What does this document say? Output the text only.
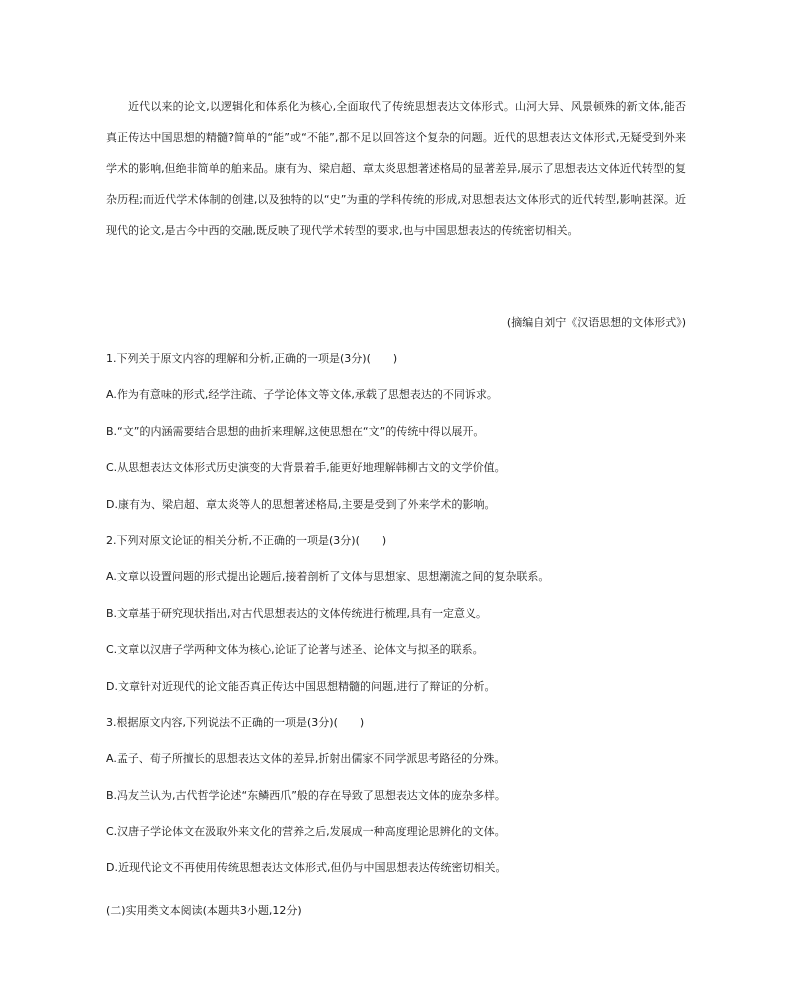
近代以来的论文,以逻辑化和体系化为核心,全面取代了传统思想表达文体形式。山河大异、风景顿殊的新文体,能否真正传达中国思想的精髓?简单的“能”或“不能”,都不足以回答这个复杂的问题。近代的思想表达文体形式,无疑受到外来学术的影响,但绝非简单的舶来品。康有为、梁启超、章太炎思想著述格局的显著差异,展示了思想表达文体近代转型的复杂历程;而近代学术体制的创建,以及独特的以“史”为重的学科传统的形成,对思想表达文体形式的近代转型,影响甚深。近现代的论文,是古今中西的交融,既反映了现代学术转型的要求,也与中国思想表达的传统密切相关。

(摘编自刘宁《汉语思想的文体形式》)

1.下列关于原文内容的理解和分析,正确的一项是(3分)(　　)

A.作为有意味的形式,经学注疏、子学论体文等文体,承载了思想表达的不同诉求。

B.“文”的内涵需要结合思想的曲折来理解,这使思想在“文”的传统中得以展开。

C.从思想表达文体形式历史演变的大背景着手,能更好地理解韩柳古文的文学价值。

D.康有为、梁启超、章太炎等人的思想著述格局,主要是受到了外来学术的影响。

2.下列对原文论证的相关分析,不正确的一项是(3分)(　　)

A.文章以设置问题的形式提出论题后,接着剖析了文体与思想家、思想潮流之间的复杂联系。

B.文章基于研究现状指出,对古代思想表达的文体传统进行梳理,具有一定意义。

C.文章以汉唐子学两种文体为核心,论证了论著与述圣、论体文与拟圣的联系。

D.文章针对近现代的论文能否真正传达中国思想精髓的问题,进行了辩证的分析。

3.根据原文内容,下列说法不正确的一项是(3分)(　　)

A.孟子、荀子所擅长的思想表达文体的差异,折射出儒家不同学派思考路径的分殊。

B.冯友兰认为,古代哲学论述“东鳞西爪”般的存在导致了思想表达文体的庞杂多样。

C.汉唐子学论体文在汲取外来文化的营养之后,发展成一种高度理论思辨化的文体。

D.近现代论文不再使用传统思想表达文体形式,但仍与中国思想表达传统密切相关。

(二)实用类文本阅读(本题共3小题,12分)
